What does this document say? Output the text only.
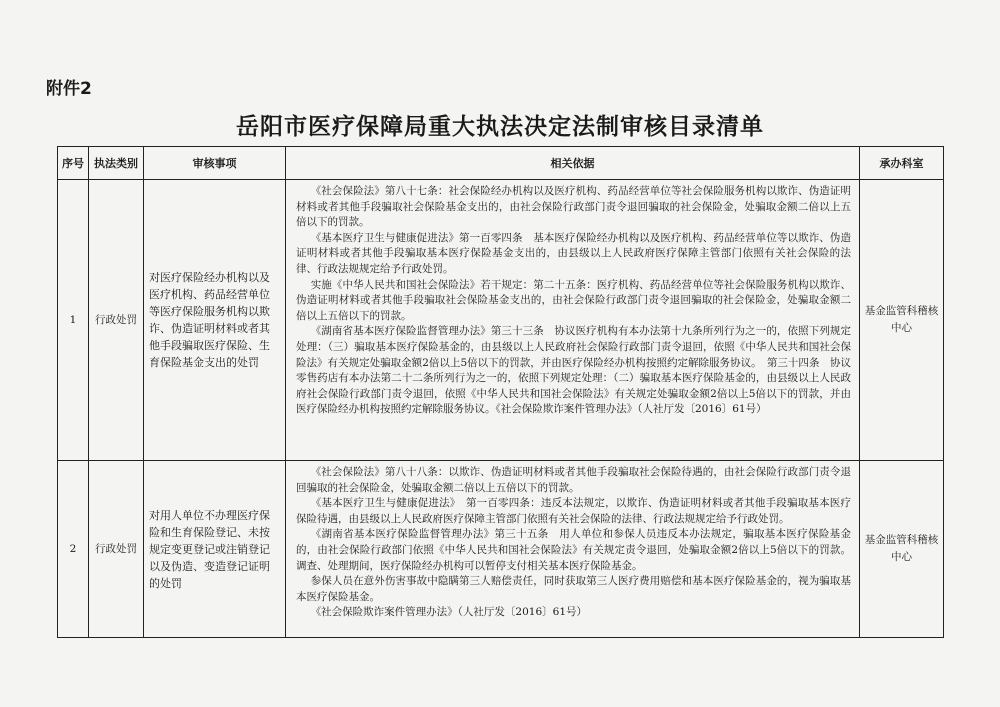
附件2
岳阳市医疗保障局重大执法决定法制审核目录清单
序号	执法类别	审核事项	相关依据	承办科室
1	行政处罚	对医疗保险经办机构以及医疗机构、药品经营单位等医疗保险服务机构以欺诈、伪造证明材料或者其他手段骗取医疗保险、生育保险基金支出的处罚	《社会保险法》第八十七条：社会保险经办机构以及医疗机构、药品经营单位等社会保险服务机构以欺诈、伪造证明材料或者其他手段骗取社会保险基金支出的，由社会保险行政部门责令退回骗取的社会保险金，处骗取金额二倍以上五倍以下的罚款。
《基本医疗卫生与健康促进法》第一百零四条　基本医疗保险经办机构以及医疗机构、药品经营单位等以欺诈、伪造证明材料或者其他手段骗取基本医疗保险基金支出的，由县级以上人民政府医疗保障主管部门依照有关社会保险的法律、行政法规规定给予行政处罚。
实施《中华人民共和国社会保险法》若干规定：第二十五条：医疗机构、药品经营单位等社会保险服务机构以欺诈、伪造证明材料或者其他手段骗取社会保险基金支出的，由社会保险行政部门责令退回骗取的社会保险金，处骗取金额二倍以上五倍以下的罚款。
《湖南省基本医疗保险监督管理办法》第三十三条　协议医疗机构有本办法第十九条所列行为之一的，依照下列规定处理：（三）骗取基本医疗保险基金的，由县级以上人民政府社会保险行政部门责令退回，依照《中华人民共和国社会保险法》有关规定处骗取金额2倍以上5倍以下的罚款，并由医疗保险经办机构按照约定解除服务协议。　第三十四条　协议零售药店有本办法第二十二条所列行为之一的，依照下列规定处理：（二）骗取基本医疗保险基金的，由县级以上人民政府社会保险行政部门责令退回，依照《中华人民共和国社会保险法》有关规定处骗取金额2倍以上5倍以下的罚款，并由医疗保险经办机构按照约定解除服务协议。《社会保险欺诈案件管理办法》（人社厅发〔2016〕61号）	基金监管科稽核中心
2	行政处罚	对用人单位不办理医疗保险和生育保险登记、未按规定变更登记或注销登记以及伪造、变造登记证明的处罚	《社会保险法》第八十八条：以欺诈、伪造证明材料或者其他手段骗取社会保险待遇的，由社会保险行政部门责令退回骗取的社会保险金，处骗取金额二倍以上五倍以下的罚款。
《基本医疗卫生与健康促进法》　第一百零四条：违反本法规定，以欺诈、伪造证明材料或者其他手段骗取基本医疗保险待遇，由县级以上人民政府医疗保障主管部门依照有关社会保险的法律、行政法规规定给予行政处罚。
《湖南省基本医疗保险监督管理办法》第三十五条　用人单位和参保人员违反本办法规定，骗取基本医疗保险基金的，由社会保险行政部门依照《中华人民共和国社会保险法》有关规定责令退回，处骗取金额2倍以上5倍以下的罚款。调查、处理期间，医疗保险经办机构可以暂停支付相关基本医疗保险基金。
参保人员在意外伤害事故中隐瞒第三人赔偿责任，同时获取第三人医疗费用赔偿和基本医疗保险基金的，视为骗取基本医疗保险基金。
《社会保险欺诈案件管理办法》（人社厅发〔2016〕61号）	基金监管科稽核中心
